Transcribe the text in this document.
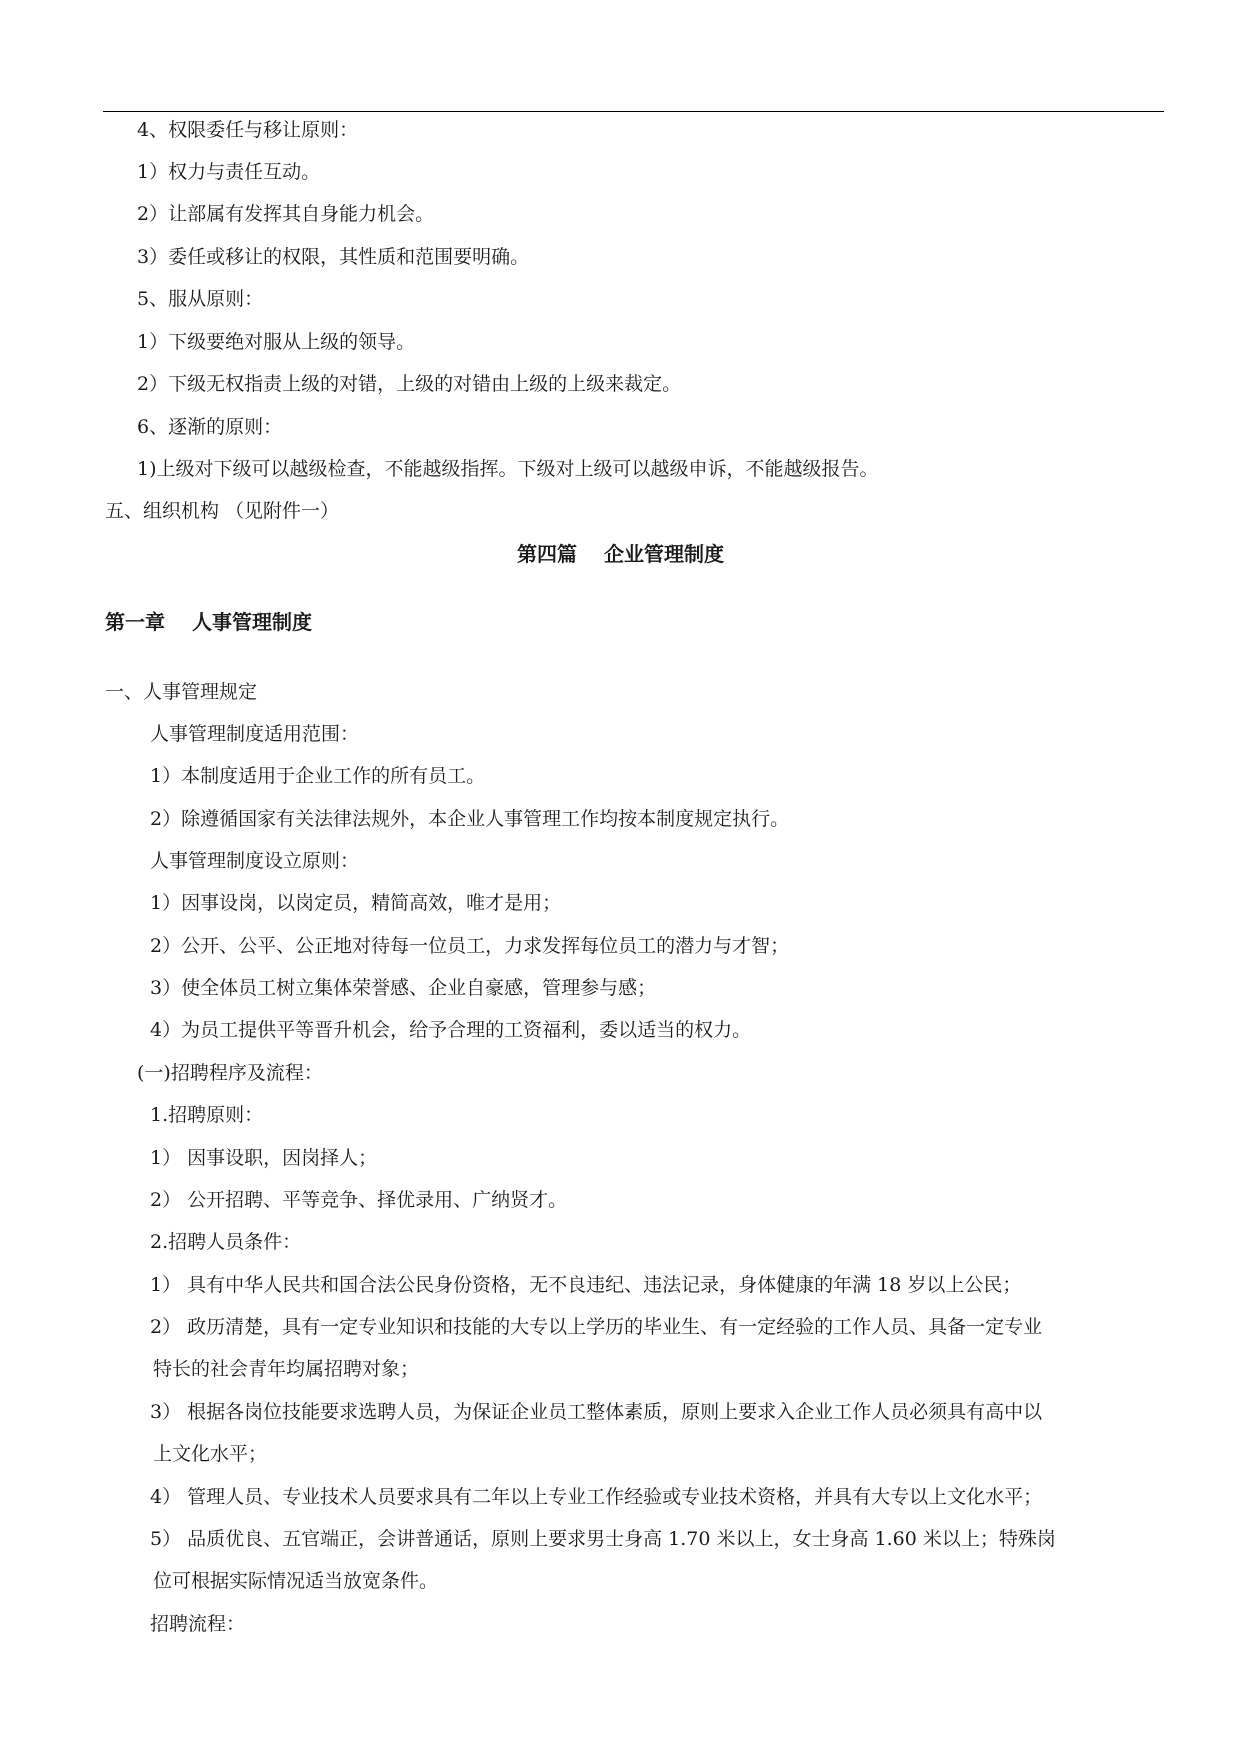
4、权限委任与移让原则：
1）权力与责任互动。
2）让部属有发挥其自身能力机会。
3）委任或移让的权限，其性质和范围要明确。
5、服从原则：
1）下级要绝对服从上级的领导。
2）下级无权指责上级的对错，上级的对错由上级的上级来裁定。
6、逐渐的原则：
1)上级对下级可以越级检查，不能越级指挥。下级对上级可以越级申诉，不能越级报告。
五、组织机构 （见附件一）
第四篇　 企业管理制度
第一章　 人事管理制度
一、人事管理规定
人事管理制度适用范围：
1）本制度适用于企业工作的所有员工。
2）除遵循国家有关法律法规外，本企业人事管理工作均按本制度规定执行。
人事管理制度设立原则：
1）因事设岗，以岗定员，精简高效，唯才是用；
2）公开、公平、公正地对待每一位员工，力求发挥每位员工的潜力与才智；
3）使全体员工树立集体荣誉感、企业自豪感，管理参与感；
4）为员工提供平等晋升机会，给予合理的工资福利，委以适当的权力。
(一)招聘程序及流程：
1.招聘原则：
1） 因事设职，因岗择人；
2） 公开招聘、平等竞争、择优录用、广纳贤才。
2.招聘人员条件：
1） 具有中华人民共和国合法公民身份资格，无不良违纪、违法记录，身体健康的年满 18 岁以上公民；
2） 政历清楚，具有一定专业知识和技能的大专以上学历的毕业生、有一定经验的工作人员、具备一定专业
特长的社会青年均属招聘对象；
3） 根据各岗位技能要求选聘人员，为保证企业员工整体素质，原则上要求入企业工作人员必须具有高中以
上文化水平；
4） 管理人员、专业技术人员要求具有二年以上专业工作经验或专业技术资格，并具有大专以上文化水平；
5） 品质优良、五官端正，会讲普通话，原则上要求男士身高 1.70 米以上，女士身高 1.60 米以上；特殊岗
位可根据实际情况适当放宽条件。
招聘流程：
